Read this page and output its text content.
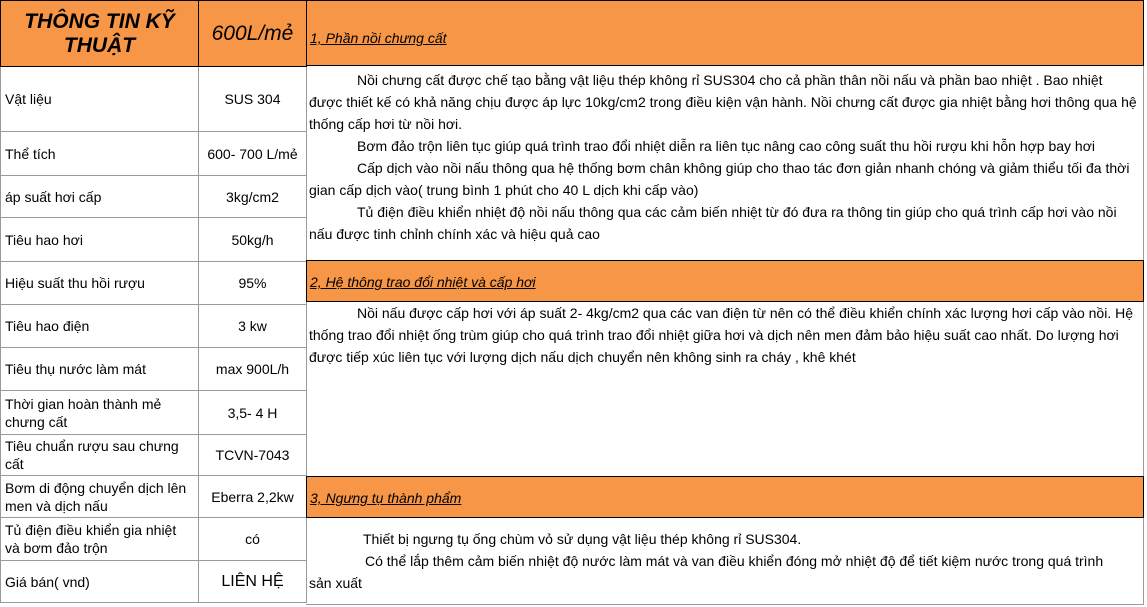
THÔNG TIN KỸ THUẬT	600L/mẻ
Vật liệu	SUS 304
Thể tích	600- 700 L/mẻ
áp suất hơi cấp	3kg/cm2
Tiêu hao hơi	50kg/h
Hiệu suất thu hồi rượu	95%
Tiêu hao điện	3 kw
Tiêu thụ nước làm mát	max 900L/h
Thời gian hoàn thành mẻ chưng cất	3,5- 4 H
Tiêu chuẩn rượu sau chưng cất	TCVN-7043
Bơm di động chuyển dịch lên men và dịch nấu	Eberra 2,2kw
Tủ điện điều khiển gia nhiệt và bơm đảo trộn	có
Giá bán( vnd)	LIÊN HỆ
1, Phần nồi chưng cất

Nồi chưng cất được chế tạo bằng vật liệu thép không rỉ SUS304 cho cả phần thân nồi nấu và phần bao nhiệt . Bao nhiệt được thiết kế có khả năng chịu được áp lực 10kg/cm2 trong điều kiện vận hành. Nồi chưng cất được gia nhiệt bằng hơi thông qua hệ thống cấp hơi từ nồi hơi.

Bơm đảo trộn liên tục giúp quá trình trao đổi nhiệt diễn ra liên tục nâng cao công suất thu hồi rượu khi hỗn hợp bay hơi

Cấp dịch vào nồi nấu thông qua hệ thống bơm chân không giúp cho thao tác đơn giản nhanh chóng và giảm thiểu tối đa thời gian cấp dịch vào( trung bình 1 phút cho 40 L dịch khi cấp vào)

Tủ điện điều khiển nhiệt độ nồi nấu thông qua các cảm biến nhiệt từ đó đưa ra thông tin giúp cho quá trình cấp hơi vào nồi nấu được tinh chỉnh chính xác và hiệu quả cao

2, Hệ thông trao đổi nhiệt và cấp hơi

Nồi nấu được cấp hơi với áp suất 2- 4kg/cm2 qua các van điện từ nên có thể điều khiển chính xác lượng hơi cấp vào nồi. Hệ thống trao đổi nhiệt ống trùm giúp cho quá trình trao đổi nhiệt giữa hơi và dịch nên men đảm bảo hiệu suất cao nhất. Do lượng hơi được tiếp xúc liên tục với lượng dịch nấu dịch chuyển nên không sinh ra cháy , khê khét

3, Ngưng tụ thành phẩm

Thiết bị ngưng tụ ống chùm vỏ sử dụng vật liệu thép không rỉ SUS304.

Có thể lắp thêm cảm biến nhiệt độ nước làm mát và van điều khiển đóng mở nhiệt độ để tiết kiệm nước trong quá trình sản xuất
